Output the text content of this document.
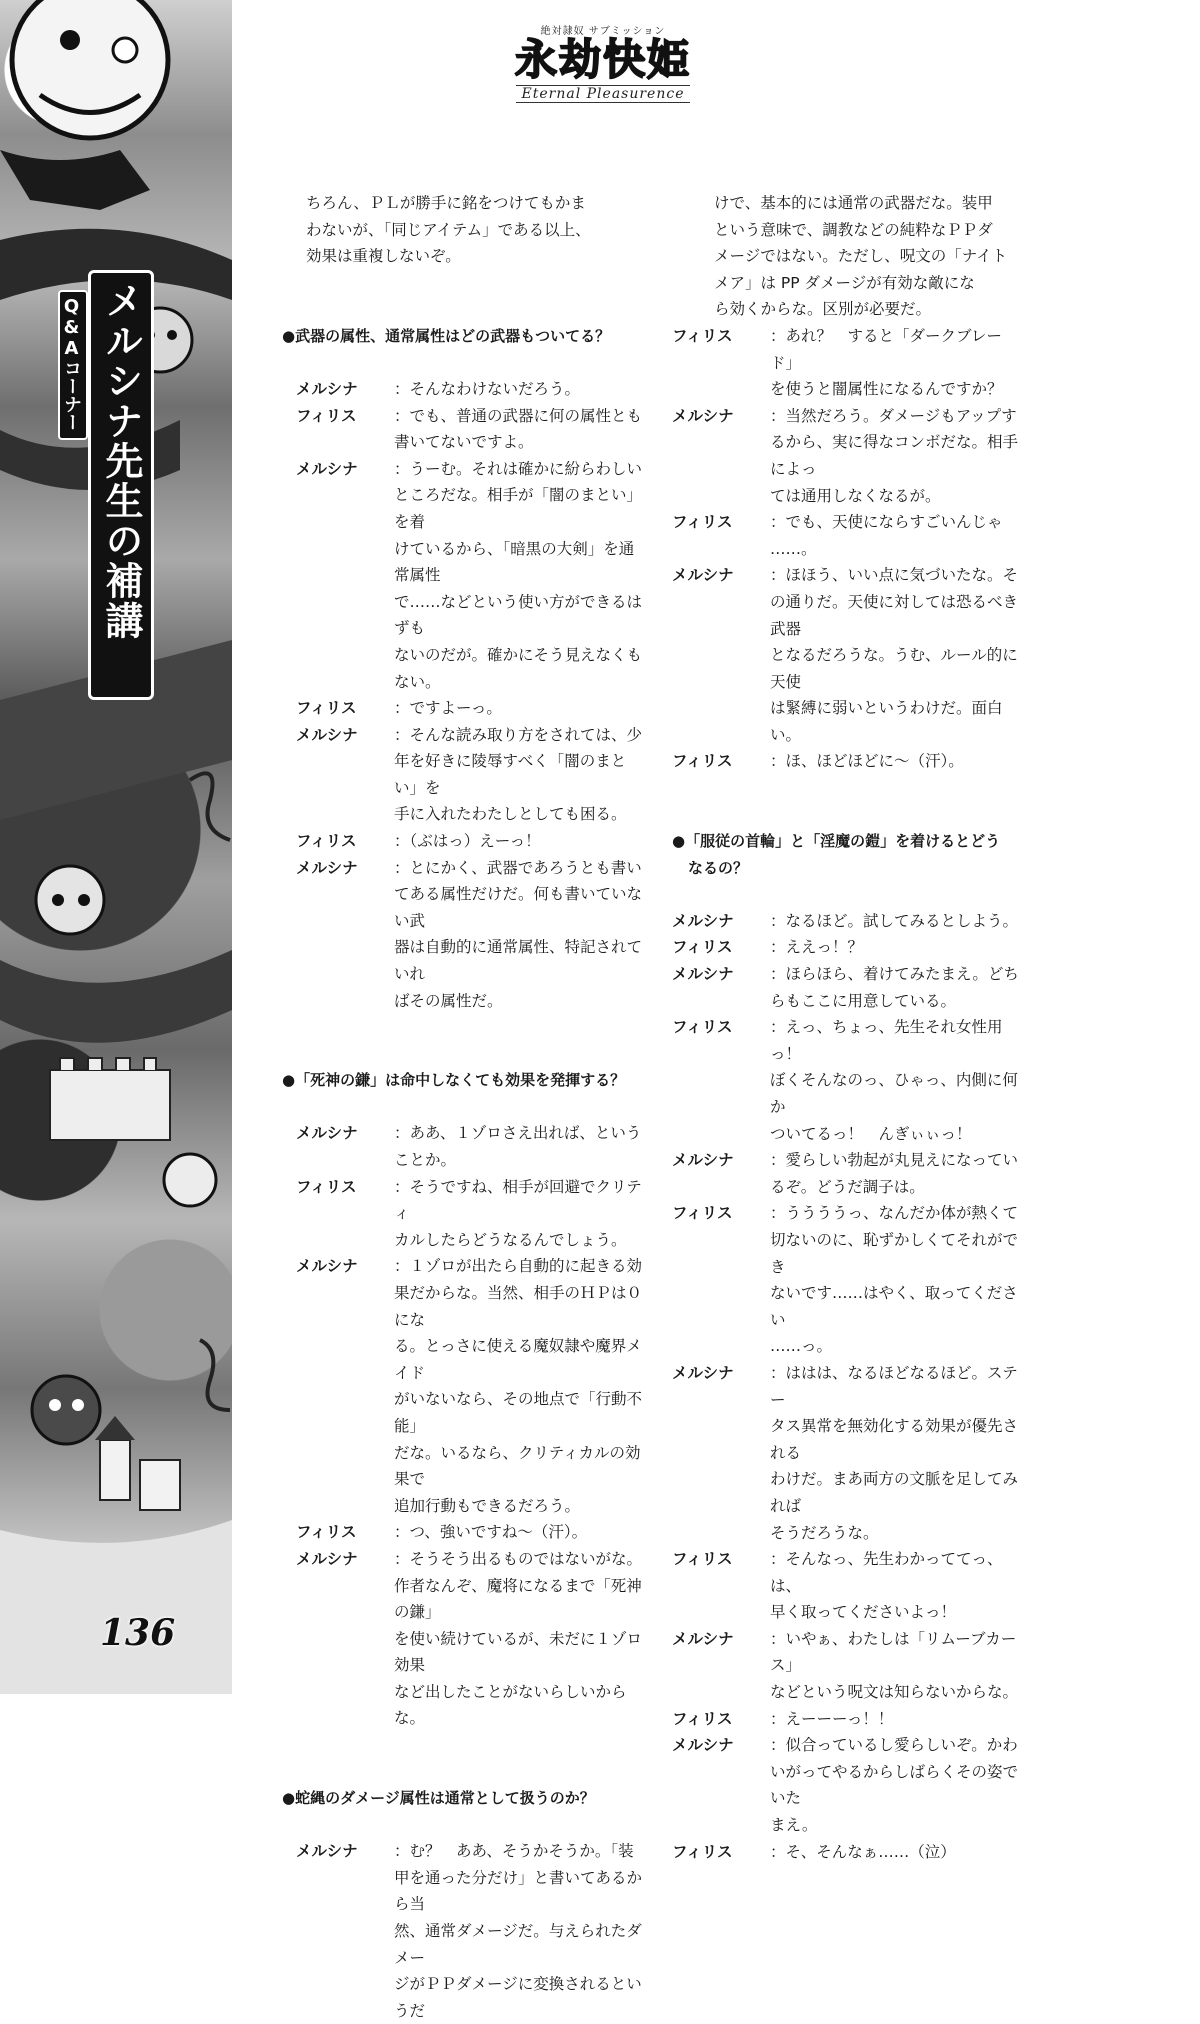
メルシナ先生の補講
Q&Aコーナー
136
絶対隷奴 サブミッション
永劫快姫
Eternal Pleasurence

ちろん、ＰＬが勝手に銘をつけてもかま

わないが、「同じアイテム」である以上、

効果は重複しないぞ。

●武器の属性、通常属性はどの武器もついてる？

メルシナ ：そんなわけないだろう。

フィリス ：でも、普通の武器に何の属性とも

書いてないですよ。

メルシナ ：うーむ。それは確かに紛らわしい

ところだな。相手が「闇のまとい」を着

けているから、「暗黒の大剣」を通常属性

で……などという使い方ができるはずも

ないのだが。確かにそう見えなくもない。

フィリス ：ですよーっ。

メルシナ ：そんな読み取り方をされては、少

年を好きに陵辱すべく「闇のまとい」を

手に入れたわたしとしても困る。

フィリス ：（ぶはっ）えーっ！

メルシナ ：とにかく、武器であろうとも書い

てある属性だけだ。何も書いていない武

器は自動的に通常属性、特記されていれ

ばその属性だ。

●「死神の鎌」は命中しなくても効果を発揮する？

メルシナ ：ああ、１ゾロさえ出れば、という

ことか。

フィリス ：そうですね、相手が回避でクリティ

カルしたらどうなるんでしょう。

メルシナ ：１ゾロが出たら自動的に起きる効

果だからな。当然、相手のＨＰは０にな

る。とっさに使える魔奴隷や魔界メイド

がいないなら、その地点で「行動不能」

だな。いるなら、クリティカルの効果で

追加行動もできるだろう。

フィリス ：つ、強いですね～（汗）。

メルシナ ：そうそう出るものではないがな。

作者なんぞ、魔将になるまで「死神の鎌」

を使い続けているが、未だに１ゾロ効果

など出したことがないらしいからな。

●蛇縄のダメージ属性は通常として扱うのか？

メルシナ ：む？　ああ、そうかそうか。「装

甲を通った分だけ」と書いてあるから当

然、通常ダメージだ。与えられたダメー

ジがＰＰダメージに変換されるというだ

けで、基本的には通常の武器だな。装甲

という意味で、調教などの純粋なＰＰダ

メージではない。ただし、呪文の「ナイト

メア」は PP ダメージが有効な敵にな

ら効くからな。区別が必要だ。

フィリス ：あれ？　すると「ダークブレード」

を使うと闇属性になるんですか？

メルシナ ：当然だろう。ダメージもアップす

るから、実に得なコンボだな。相手によっ

ては通用しなくなるが。

フィリス ：でも、天使にならすごいんじゃ

……。

メルシナ ：ほほう、いい点に気づいたな。そ

の通りだ。天使に対しては恐るべき武器

となるだろうな。うむ、ルール的に天使

は緊縛に弱いというわけだ。面白い。

フィリス ：ほ、ほどほどに～（汗）。

●「服従の首輪」と「淫魔の鎧」を着けるとどう

なるの？

メルシナ ：なるほど。試してみるとしよう。

フィリス ：ええっ！？

メルシナ ：ほらほら、着けてみたまえ。どち

らもここに用意している。

フィリス ：えっ、ちょっ、先生それ女性用っ！

ぼくそんなのっ、ひゃっ、内側に何か

ついてるっ！　んぎぃぃっ！

メルシナ ：愛らしい勃起が丸見えになってい

るぞ。どうだ調子は。

フィリス ：ううううっ、なんだか体が熱くて

切ないのに、恥ずかしくてそれができ

ないです……はやく、取ってください

……っ。

メルシナ ：ははは、なるほどなるほど。ステー

タス異常を無効化する効果が優先される

わけだ。まあ両方の文脈を足してみれば

そうだろうな。

フィリス ：そんなっ、先生わかっててっ、は、

早く取ってくださいよっ！

メルシナ ：いやぁ、わたしは「リムーブカース」

などという呪文は知らないからな。

フィリス ：えーーーっ！！

メルシナ ：似合っているし愛らしいぞ。かわ

いがってやるからしばらくその姿でいた

まえ。

フィリス ：そ、そんなぁ……（泣）
